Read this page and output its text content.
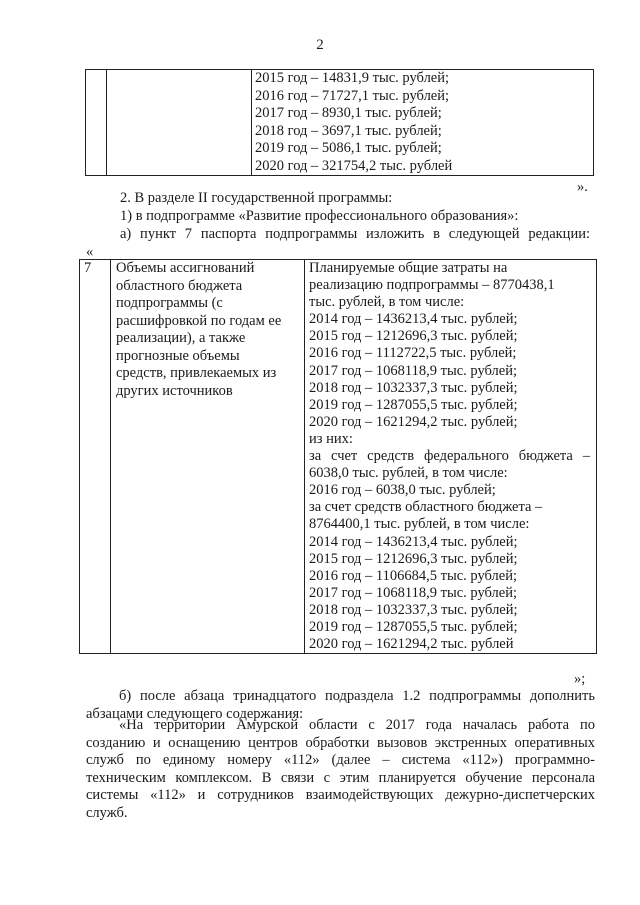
2

2015 год – 14831,9 тыс. рублей;
2016 год – 71727,1 тыс. рублей;
2017 год – 8930,1 тыс. рублей;
2018 год – 3697,1 тыс. рублей;
2019 год – 5086,1 тыс. рублей;
2020 год – 321754,2 тыс. рублей
».
2. В разделе II государственной программы:
1) в подпрограмме «Развитие профессионального образования»:
а) пункт 7 паспорта подпрограммы изложить в следующей редакции:
«
7	Объемы ассигнований
областного бюджета
подпрограммы (с
расшифровкой по годам ее
реализации), а также
прогнозные объемы
средств, привлекаемых из
других источников

Планируемые общие затраты на
реализацию подпрограммы – 8770438,1
тыс. рублей, в том числе:
2014 год – 1436213,4 тыс. рублей;
2015 год – 1212696,3 тыс. рублей;
2016 год – 1112722,5 тыс. рублей;
2017 год – 1068118,9 тыс. рублей;
2018 год – 1032337,3 тыс. рублей;
2019 год – 1287055,5 тыс. рублей;
2020 год – 1621294,2 тыс. рублей;
из них:
за счет средств федерального бюджета –
6038,0 тыс. рублей, в том числе:
2016 год – 6038,0 тыс. рублей;
за счет средств областного бюджета –
8764400,1 тыс. рублей, в том числе:
2014 год – 1436213,4 тыс. рублей;
2015 год – 1212696,3 тыс. рублей;
2016 год – 1106684,5 тыс. рублей;
2017 год – 1068118,9 тыс. рублей;
2018 год – 1032337,3 тыс. рублей;
2019 год – 1287055,5 тыс. рублей;
2020 год – 1621294,2 тыс. рублей
»;
б) после абзаца тринадцатого подраздела 1.2 подпрограммы дополнить
абзацами следующего содержания:
«На территории Амурской области с 2017 года началась работа по
созданию и оснащению центров обработки вызовов экстренных оперативных
служб по единому номеру «112» (далее – система «112») программно-
техническим комплексом. В связи с этим планируется обучение персонала
системы «112» и сотрудников взаимодействующих дежурно-диспетчерских
служб.
